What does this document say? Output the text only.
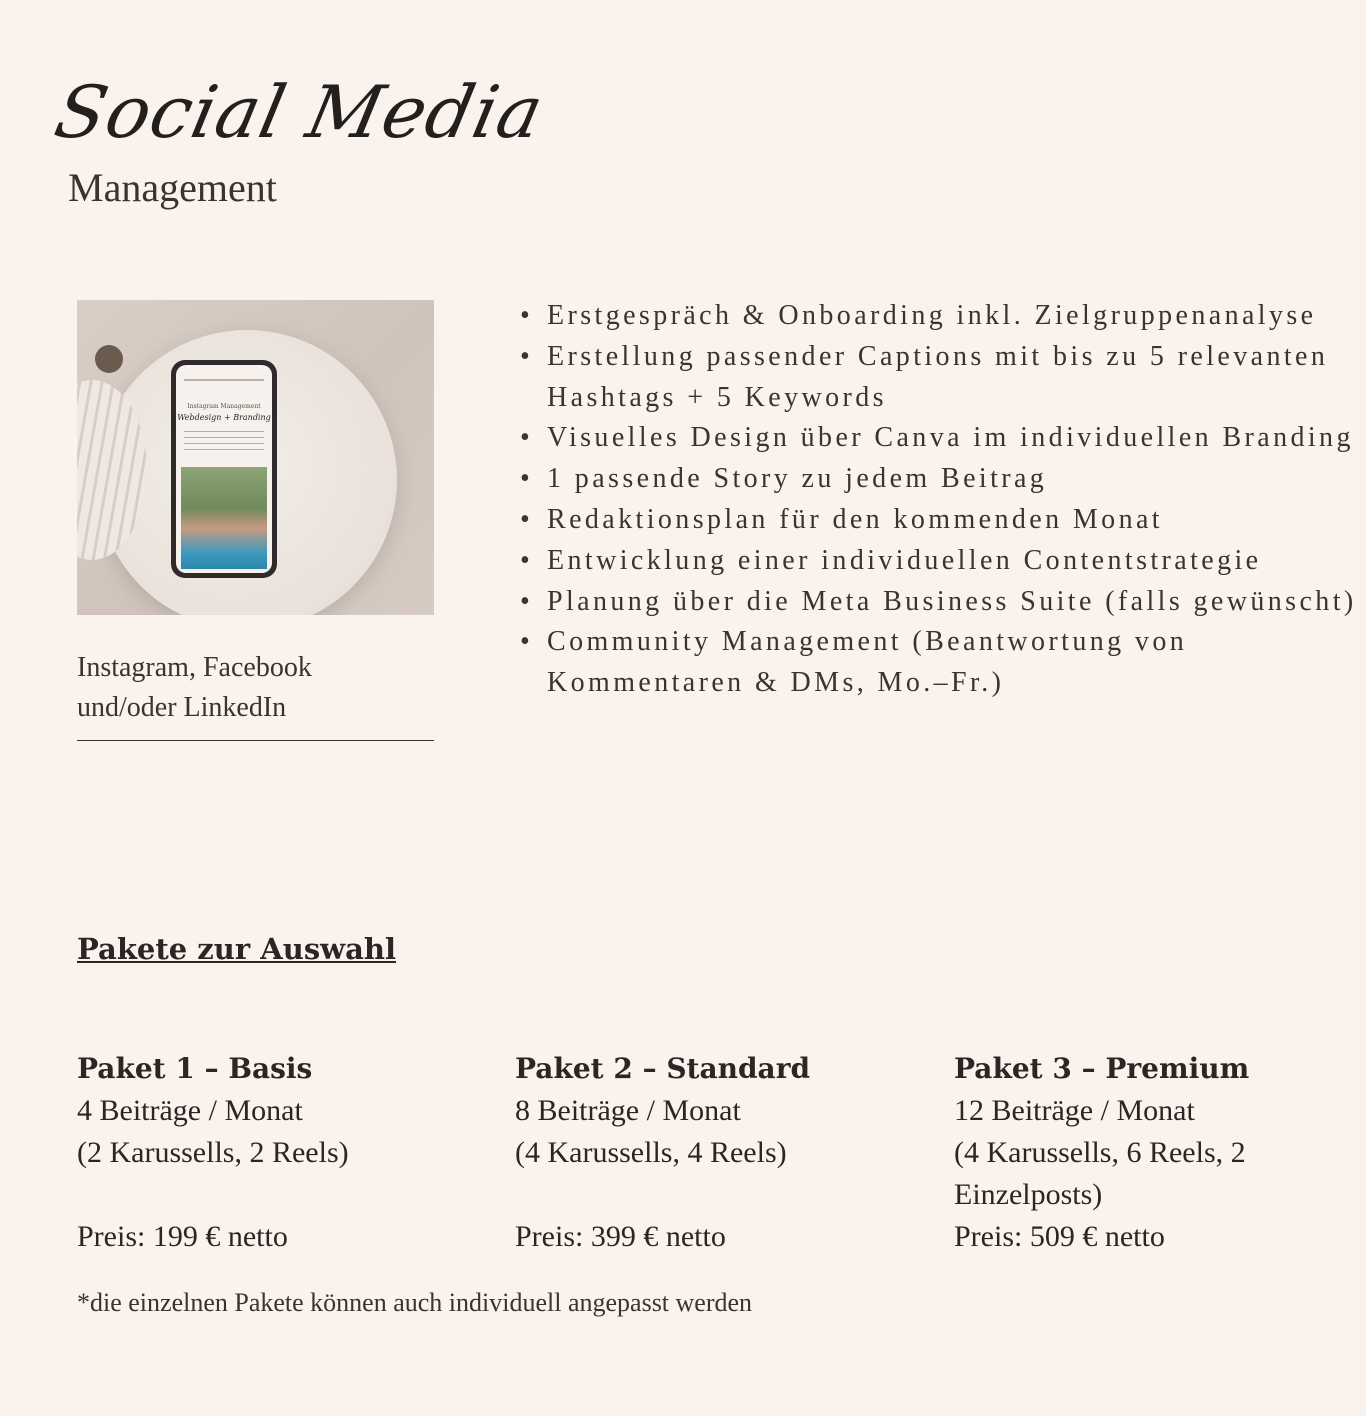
Social Media
Management
Instagram Management
Webdesign + Branding
Instagram, Facebook
und/oder LinkedIn
• Erstgespräch & Onboarding inkl. Zielgruppenanalyse
• Erstellung passender Captions mit bis zu 5 relevanten Hashtags + 5 Keywords
• Visuelles Design über Canva im individuellen Branding
• 1 passende Story zu jedem Beitrag
• Redaktionsplan für den kommenden Monat
• Entwicklung einer individuellen Contentstrategie
• Planung über die Meta Business Suite (falls gewünscht)
• Community Management (Beantwortung von Kommentaren & DMs, Mo.–Fr.)
Pakete zur Auswahl
Paket 1 – Basis
4 Beiträge / Monat
(2 Karussells, 2 Reels)
Preis: 199 € netto
Paket 2 – Standard
8 Beiträge / Monat
(4 Karussells, 4 Reels)
Preis: 399 € netto
Paket 3 – Premium
12 Beiträge / Monat
(4 Karussells, 6 Reels, 2 Einzelposts)
Preis: 509 € netto
*die einzelnen Pakete können auch individuell angepasst werden
